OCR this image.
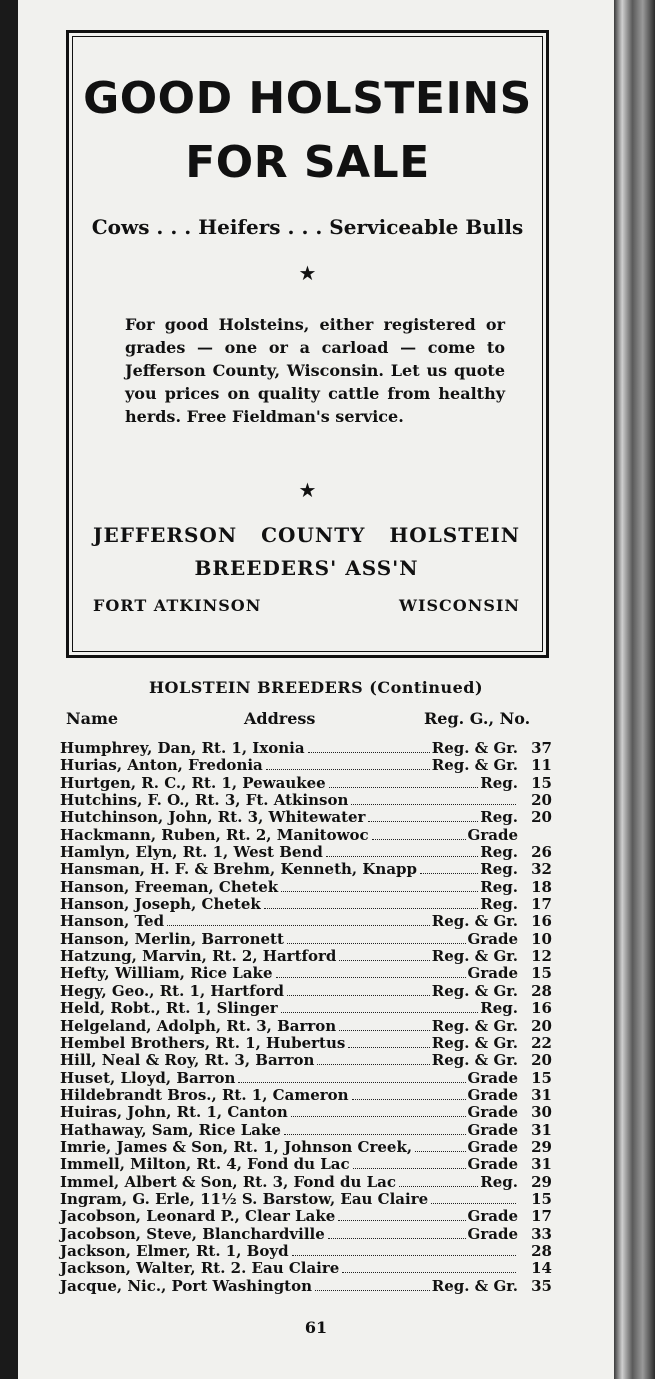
GOOD HOLSTEINS
FOR SALE
Cows . . . Heifers . . . Serviceable Bulls
★
For good Holsteins, either registered or grades — one or a carload — come to Jefferson County, Wisconsin. Let us quote you prices on quality cattle from healthy herds. Free Fieldman's service.
★
JEFFERSON COUNTY HOLSTEIN
BREEDERS' ASS'N
FORT ATKINSON	WISCONSIN
HOLSTEIN BREEDERS (Continued)
Name	Address	Reg. G., No.
Humphrey, Dan, Rt. 1, Ixonia	Reg. & Gr. 37
Hurias, Anton, Fredonia	Reg. & Gr. 11
Hurtgen, R. C., Rt. 1, Pewaukee	Reg. 15
Hutchins, F. O., Rt. 3, Ft. Atkinson	20
Hutchinson, John, Rt. 3, Whitewater	Reg. 20
Hackmann, Ruben, Rt. 2, Manitowoc	Grade
Hamlyn, Elyn, Rt. 1, West Bend	Reg. 26
Hansman, H. F. & Brehm, Kenneth, Knapp	Reg. 32
Hanson, Freeman, Chetek	Reg. 18
Hanson, Joseph, Chetek	Reg. 17
Hanson, Ted	Reg. & Gr. 16
Hanson, Merlin, Barronett	Grade 10
Hatzung, Marvin, Rt. 2, Hartford	Reg. & Gr. 12
Hefty, William, Rice Lake	Grade 15
Hegy, Geo., Rt. 1, Hartford	Reg. & Gr. 28
Held, Robt., Rt. 1, Slinger	Reg. 16
Helgeland, Adolph, Rt. 3, Barron	Reg. & Gr. 20
Hembel Brothers, Rt. 1, Hubertus	Reg. & Gr. 22
Hill, Neal & Roy, Rt. 3, Barron	Reg. & Gr. 20
Huset, Lloyd, Barron	Grade 15
Hildebrandt Bros., Rt. 1, Cameron	Grade 31
Huiras, John, Rt. 1, Canton	Grade 30
Hathaway, Sam, Rice Lake	Grade 31
Imrie, James & Son, Rt. 1, Johnson Creek,	Grade 29
Immell, Milton, Rt. 4, Fond du Lac	Grade 31
Immel, Albert & Son, Rt. 3, Fond du Lac	Reg. 29
Ingram, G. Erle, 11½ S. Barstow, Eau Claire	15
Jacobson, Leonard P., Clear Lake	Grade 17
Jacobson, Steve, Blanchardville	Grade 33
Jackson, Elmer, Rt. 1, Boyd	28
Jackson, Walter, Rt. 2. Eau Claire	14
Jacque, Nic., Port Washington	Reg. & Gr. 35
61
